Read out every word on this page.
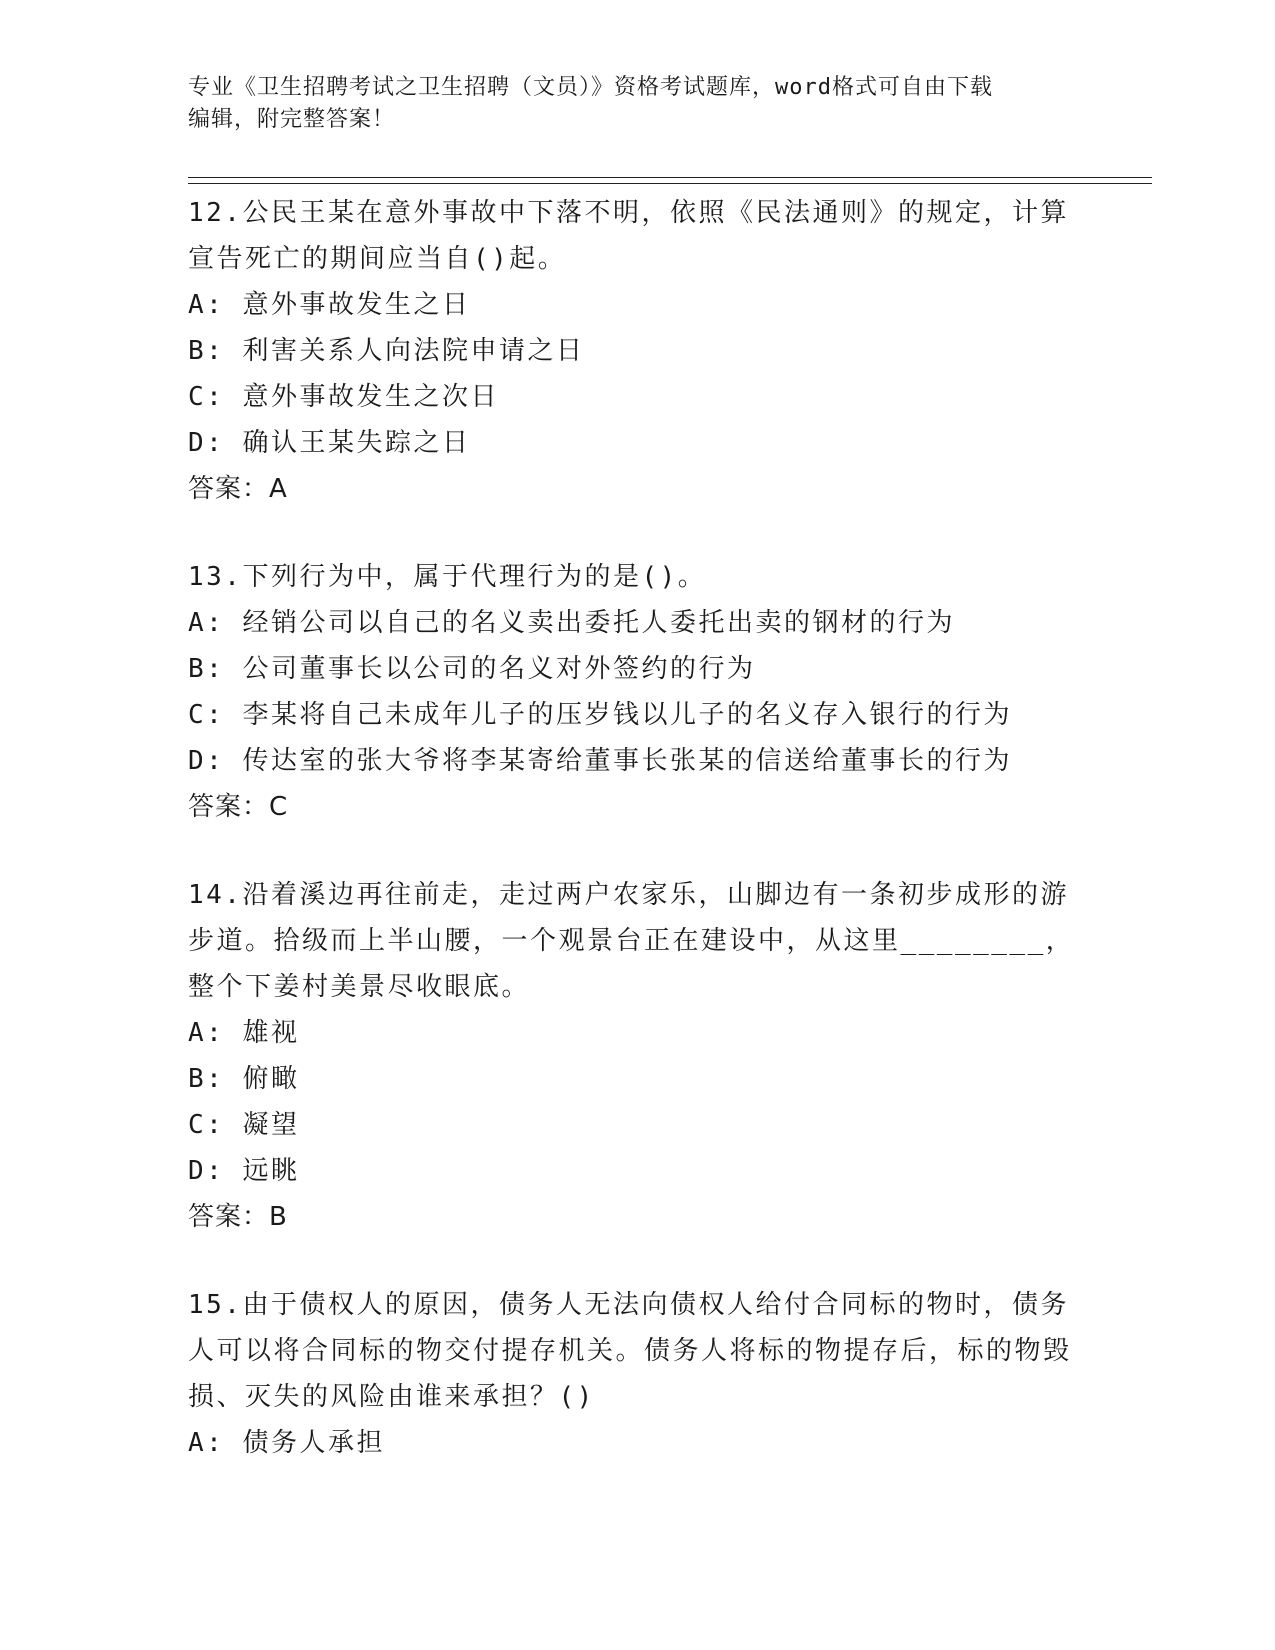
专业《卫生招聘考试之卫生招聘（文员）》资格考试题库，word格式可自由下载
编辑，附完整答案！
12.公民王某在意外事故中下落不明，依照《民法通则》的规定，计算宣告死亡的期间应当自()起。
A: 意外事故发生之日
B: 利害关系人向法院申请之日
C: 意外事故发生之次日
D: 确认王某失踪之日
答案：A
13.下列行为中，属于代理行为的是()。
A: 经销公司以自己的名义卖出委托人委托出卖的钢材的行为
B: 公司董事长以公司的名义对外签约的行为
C: 李某将自己未成年儿子的压岁钱以儿子的名义存入银行的行为
D: 传达室的张大爷将李某寄给董事长张某的信送给董事长的行为
答案：C
14.沿着溪边再往前走，走过两户农家乐，山脚边有一条初步成形的游步道。拾级而上半山腰，一个观景台正在建设中，从这里________，整个下姜村美景尽收眼底。
A: 雄视
B: 俯瞰
C: 凝望
D: 远眺
答案：B
15.由于债权人的原因，债务人无法向债权人给付合同标的物时，债务人可以将合同标的物交付提存机关。债务人将标的物提存后，标的物毁损、灭失的风险由谁来承担？()
A: 债务人承担
